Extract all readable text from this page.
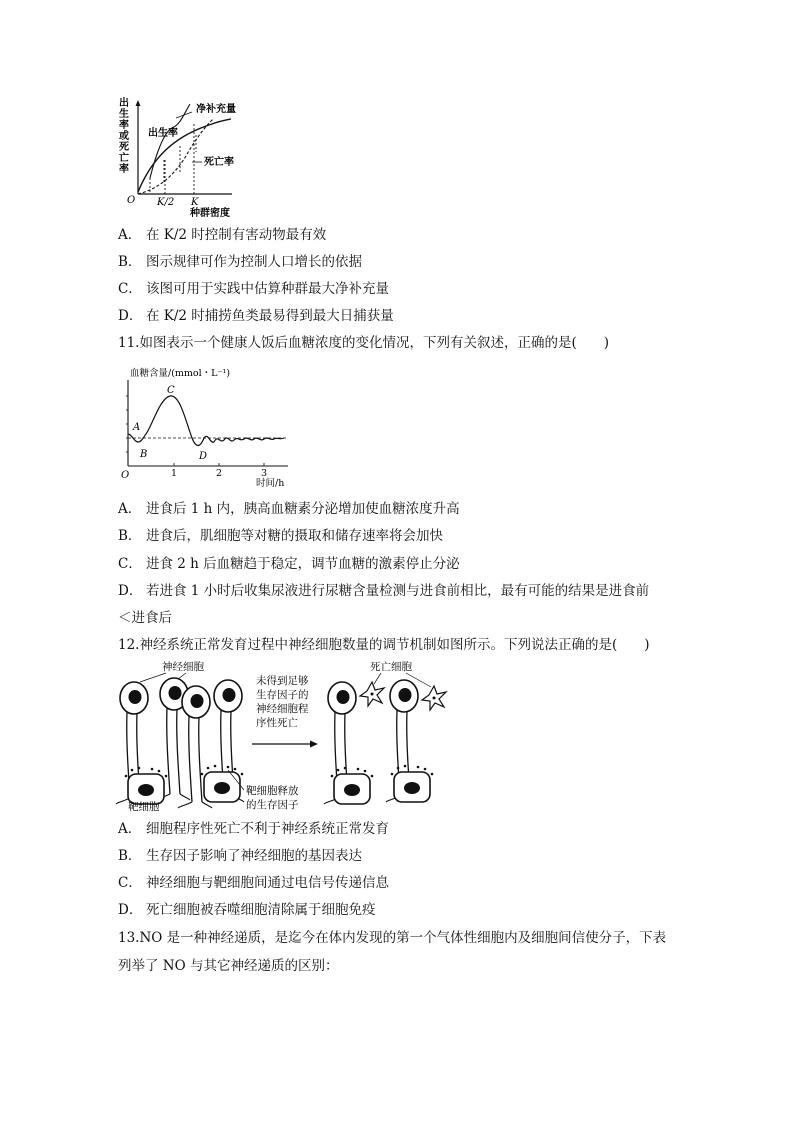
出
生
率
或
死
亡
率
净补充量
出生率
死亡率
O K/2 K
种群密度
A． 在 K/2 时控制有害动物最有效
B． 图示规律可作为控制人口增长的依据
C． 该图可用于实践中估算种群最大净补充量
D． 在 K/2 时捕捞鱼类最易得到最大日捕获量
11.如图表示一个健康人饭后血糖浓度的变化情况，下列有关叙述，正确的是(　　)
血糖含量/(mmol・L⁻¹)
A
B
C
D
O	1	2	3
时间/h
A． 进食后 1 h 内，胰高血糖素分泌增加使血糖浓度升高
B． 进食后，肌细胞等对糖的摄取和储存速率将会加快
C． 进食 2 h 后血糖趋于稳定，调节血糖的激素停止分泌
D． 若进食 1 小时后收集尿液进行尿糖含量检测与进食前相比，最有可能的结果是进食前
＜进食后
12.神经系统正常发育过程中神经细胞数量的调节机制如图所示。下列说法正确的是(　　)
神经细胞	死亡细胞
未得到足够
生存因子的
神经细胞程
序性死亡
靶细胞
靶细胞释放
的生存因子
A． 细胞程序性死亡不利于神经系统正常发育
B． 生存因子影响了神经细胞的基因表达
C． 神经细胞与靶细胞间通过电信号传递信息
D． 死亡细胞被吞噬细胞清除属于细胞免疫
13.NO 是一种神经递质，是迄今在体内发现的第一个气体性细胞内及细胞间信使分子，下表
列举了 NO 与其它神经递质的区别：
